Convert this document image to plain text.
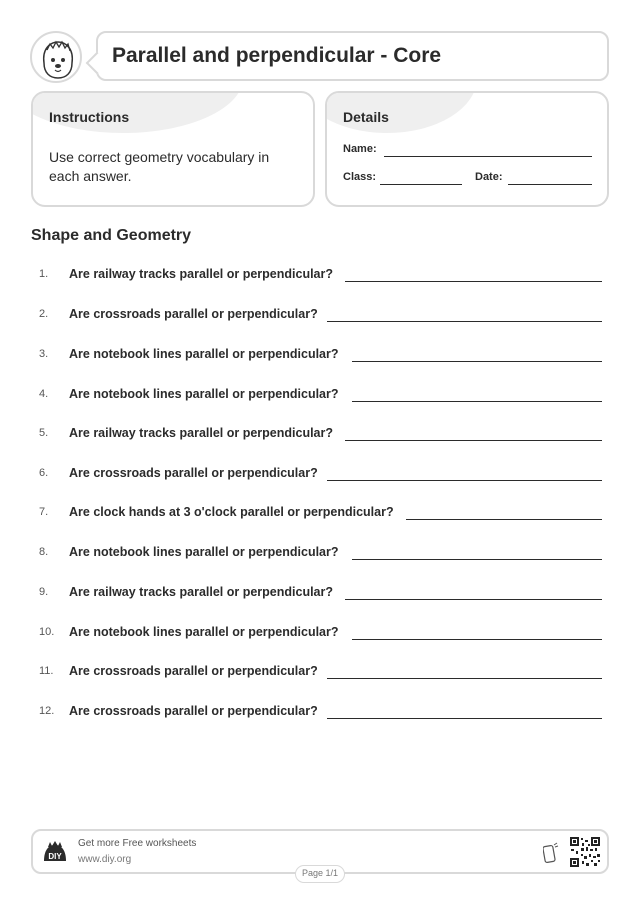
Parallel and perpendicular - Core
Instructions
Use correct geometry vocabulary in each answer.
Details
Name:
Class:	Date:
Shape and Geometry
1. Are railway tracks parallel or perpendicular?
2. Are crossroads parallel or perpendicular?
3. Are notebook lines parallel or perpendicular?
4. Are notebook lines parallel or perpendicular?
5. Are railway tracks parallel or perpendicular?
6. Are crossroads parallel or perpendicular?
7. Are clock hands at 3 o'clock parallel or perpendicular?
8. Are notebook lines parallel or perpendicular?
9. Are railway tracks parallel or perpendicular?
10. Are notebook lines parallel or perpendicular?
11. Are crossroads parallel or perpendicular?
12. Are crossroads parallel or perpendicular?
DIY
Get more Free worksheets
www.diy.org
Page 1/1
